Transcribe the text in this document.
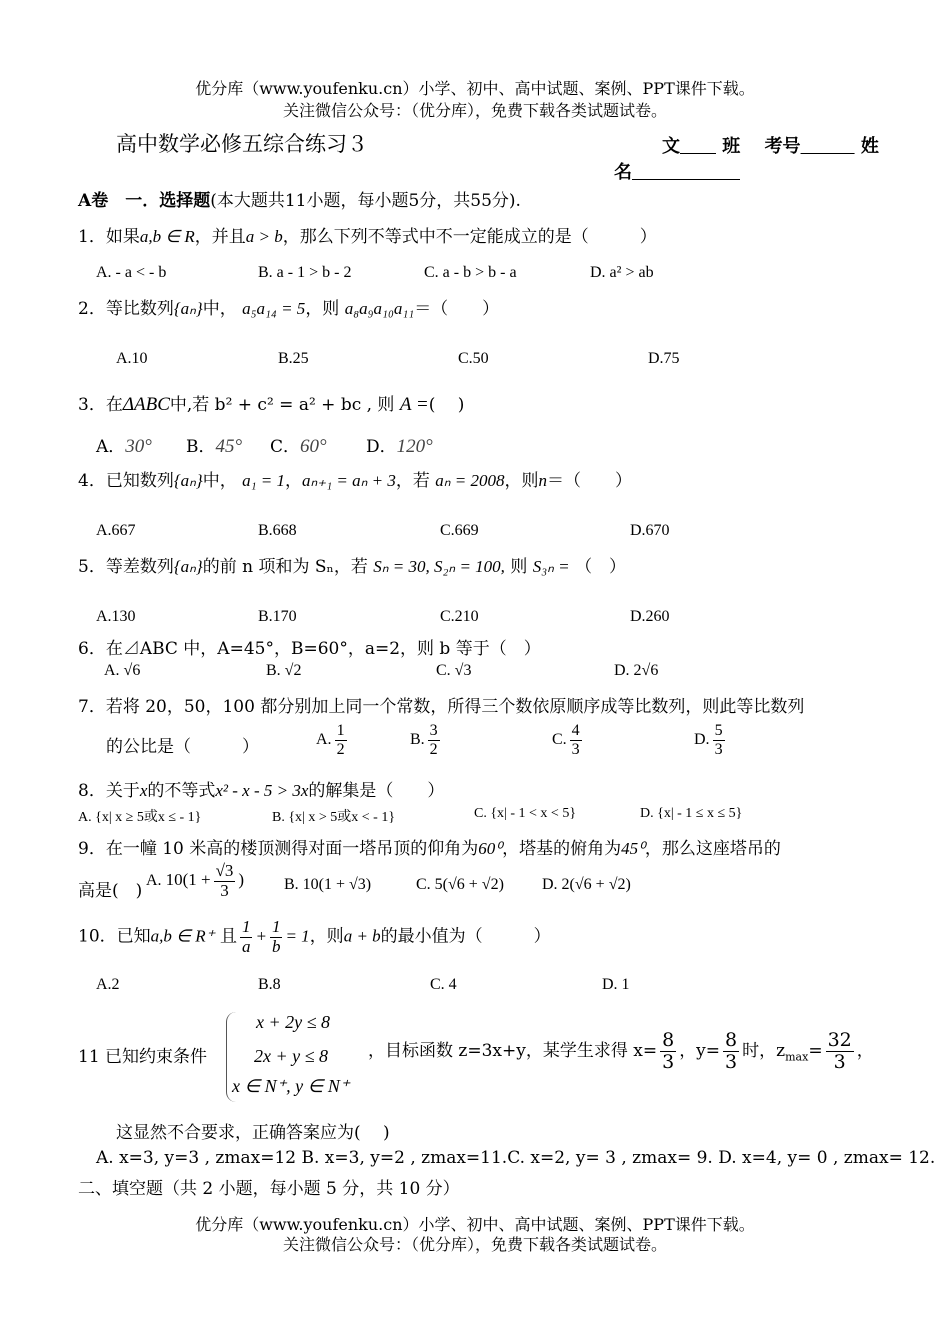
优分库（www.youfenku.cn）小学、初中、高中试题、案例、PPT课件下载。
关注微信公众号：（优分库），免费下载各类试题试卷。
高中数学必修五综合练习３	文　　 班　 考号　　　	姓
名　　　　　　
A卷　一．选择题(本大题共11小题，每小题5分，共55分).
1．如果a,b ∈ R，并且a > b，那么下列不等式中不一定能成立的是（　　　）
A. - a < - b	B. a - 1 > b - 2	C. a - b > b - a	D. a² > ab
2．等比数列{aₙ}中， a₅a₁₄ = 5，则 a₈a₉a₁₀a₁₁＝（　　）
A.10	B.25	C.50	D.75
3．在ΔABC中,若 b² + c² = a² + bc , 则 A =(　 )
A．30° B．45° C．60° D．120°
4．已知数列{aₙ}中， a₁ = 1，aₙ₊₁ = aₙ + 3，若 aₙ = 2008，则n＝（　　）
A.667	B.668	C.669	D.670
5．等差数列{aₙ}的前 n 项和为 Sₙ，若 Sₙ = 30, S₂ₙ = 100, 则 S₃ₙ = （　）
A.130	B.170	C.210	D.260
6．在⊿ABC 中，A=45°，B=60°，a=2，则 b 等于（　）
A. √6	B. √2	C. √3	D. 2√6
7．若将 20，50，100 都分别加上同一个常数，所得三个数依原顺序成等比数列，则此等比数列
的公比是（　　　）	A. $\frac{1}{2}$	B. $\frac{3}{2}$	C. $\frac{4}{3}$	D. $\frac{5}{3}$
8．关于x的不等式x² - x - 5 > 3x的解集是（　　）
A. {x| x ≥ 5或x ≤ - 1}	B. {x| x > 5或x < - 1}	C. {x| - 1 < x < 5}	D. {x| - 1 ≤ x ≤ 5}
9．在一幢 10 米高的楼顶测得对面一塔吊顶的仰角为60⁰，塔基的俯角为45⁰，那么这座塔吊的
高是(　)
A. $10(1 + \frac{√3}{3}$ ) B. 10(1 + √3)	C. 5(√6 + √2) D. 2(√6 + √2)
10．已知a,b ∈ R⁺ 且 $\frac{1}{a} + \frac{1}{b} = 1$，则a + b的最小值为（　　　）
A.2	B.8	C. 4	D. 1
11 已知约束条件
x + 2y ≤ 8
2x + y ≤ 8
x ∈ N⁺, y ∈ N⁺
，目标函数 z=3x+y，某学生求得 $x= \frac{8}{3}$ ，$y= \frac{8}{3}$ 时，$z_{max}= \frac{32}{3}$ ，
这显然不合要求，正确答案应为(　 )
A. x=3, y=3 , zmax=12 B. x=3, y=2 , zmax=11.C. x=2, y= 3 , zmax= 9. D. x=4, y= 0 , zmax= 12.
二、填空题（共 2 小题，每小题 5 分，共 10 分）
优分库（www.youfenku.cn）小学、初中、高中试题、案例、PPT课件下载。
关注微信公众号：（优分库），免费下载各类试题试卷。
